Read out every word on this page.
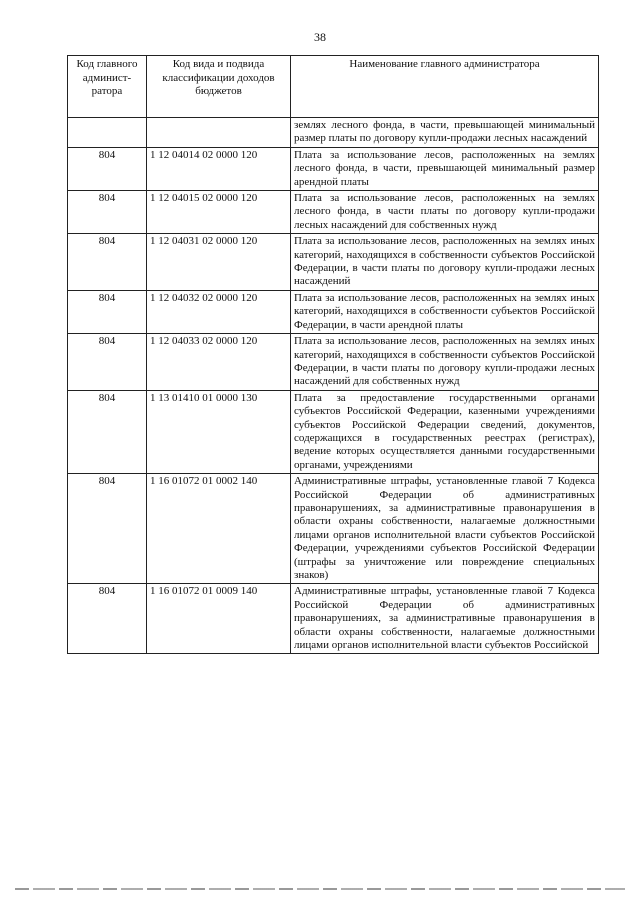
38
Код главного админист-ратора	Код вида и подвида классификации доходов бюджетов	Наименование главного администратора
		землях лесного фонда, в части, превышающей минимальный размер платы по договору купли-продажи лесных насаждений
804	1 12 04014 02 0000 120	Плата за использование лесов, расположенных на землях лесного фонда, в части, превышающей минимальный размер арендной платы
804	1 12 04015 02 0000 120	Плата за использование лесов, расположенных на землях лесного фонда, в части платы по договору купли-продажи лесных насаждений для собственных нужд
804	1 12 04031 02 0000 120	Плата за использование лесов, расположенных на землях иных категорий, находящихся в собственности субъектов Российской Федерации, в части платы по договору купли-продажи лесных насаждений
804	1 12 04032 02 0000 120	Плата за использование лесов, расположенных на землях иных категорий, находящихся в собственности субъектов Российской Федерации, в части арендной платы
804	1 12 04033 02 0000 120	Плата за использование лесов, расположенных на землях иных категорий, находящихся в собственности субъектов Российской Федерации, в части платы по договору купли-продажи лесных насаждений для собственных нужд
804	1 13 01410 01 0000 130	Плата за предоставление государственными органами субъектов Российской Федерации, казенными учреждениями субъектов Российской Федерации сведений, документов, содержащихся в государственных реестрах (регистрах), ведение которых осуществляется данными государственными органами, учреждениями
804	1 16 01072 01 0002 140	Административные штрафы, установленные главой 7 Кодекса Российской Федерации об административных правонарушениях, за административные правонарушения в области охраны собственности, налагаемые должностными лицами органов исполнительной власти субъектов Российской Федерации, учреждениями субъектов Российской Федерации (штрафы за уничтожение или повреждение специальных знаков)
804	1 16 01072 01 0009 140	Административные штрафы, установленные главой 7 Кодекса Российской Федерации об административных правонарушениях, за административные правонарушения в области охраны собственности, налагаемые должностными лицами органов исполнительной власти субъектов Российской
